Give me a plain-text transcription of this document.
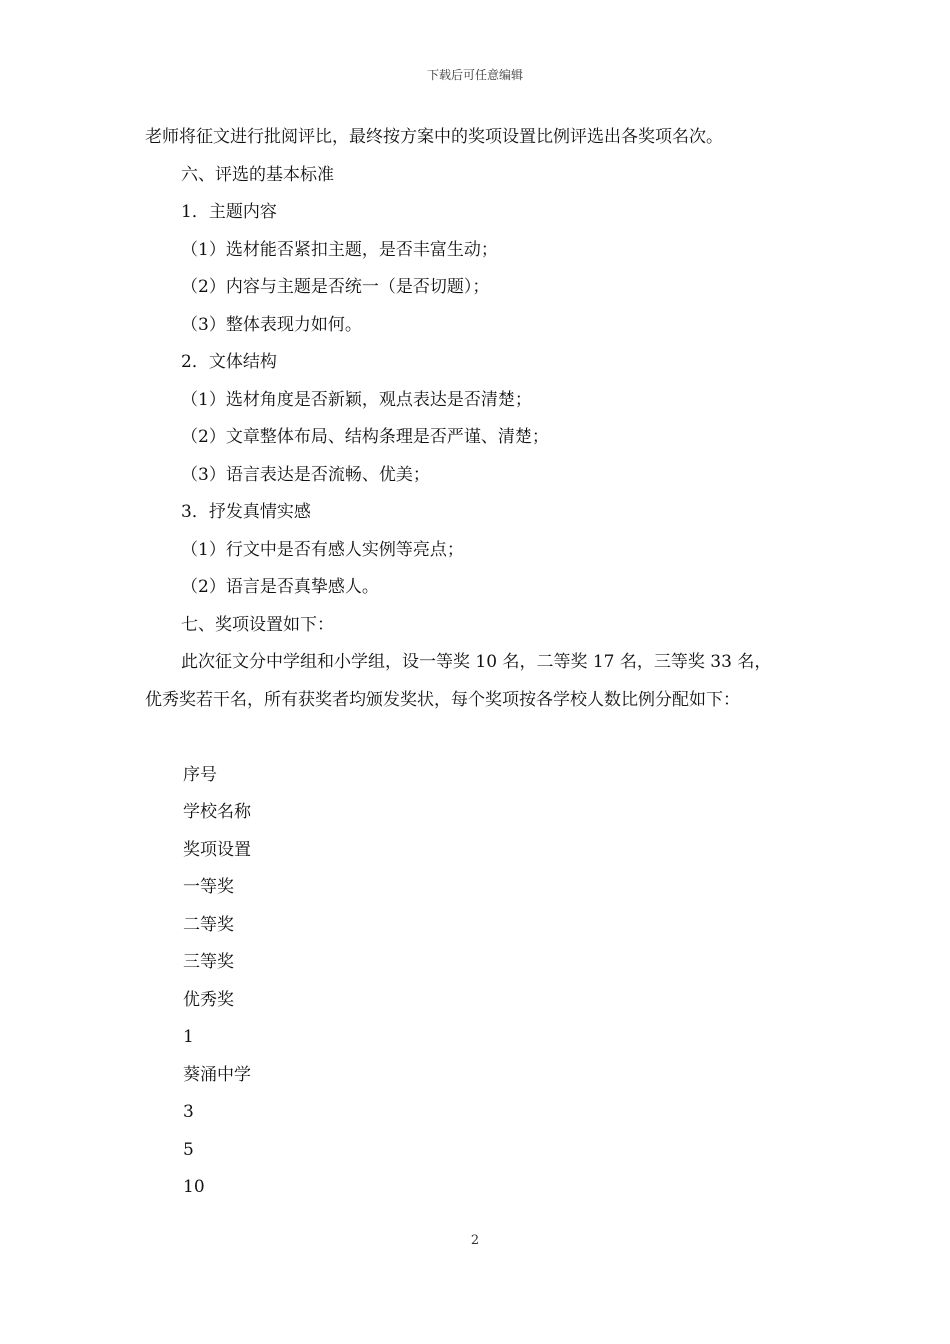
下载后可任意编辑
老师将征文进行批阅评比，最终按方案中的奖项设置比例评选出各奖项名次。
六、评选的基本标准
1．主题内容
（1）选材能否紧扣主题，是否丰富生动；
（2）内容与主题是否统一（是否切题）；
（3）整体表现力如何。
2．文体结构
（1）选材角度是否新颖，观点表达是否清楚；
（2）文章整体布局、结构条理是否严谨、清楚；
（3）语言表达是否流畅、优美；
3．抒发真情实感
（1）行文中是否有感人实例等亮点；
（2）语言是否真挚感人。
七、奖项设置如下：
此次征文分中学组和小学组，设一等奖 10 名，二等奖 17 名，三等奖 33 名，
优秀奖若干名，所有获奖者均颁发奖状，每个奖项按各学校人数比例分配如下：
序号
学校名称
奖项设置
一等奖
二等奖
三等奖
优秀奖
1
葵涌中学
3
5
10
2
